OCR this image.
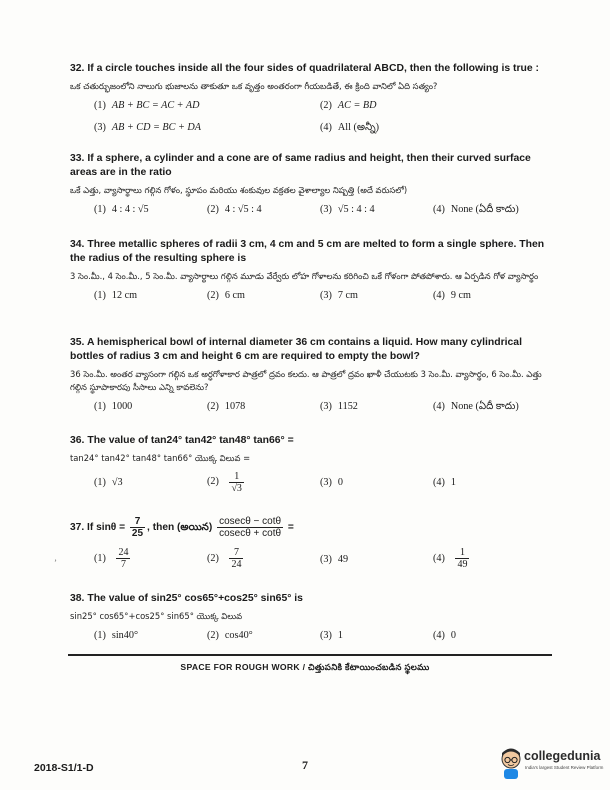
32. If a circle touches inside all the four sides of quadrilateral ABCD, then the following is true :
ఒక చతుర్భుజంలోని నాలుగు భుజాలను తాకుతూ ఒక వృత్తం అంతరంగా గీయబడితే, ఈ క్రింది వానిలో ఏది సత్యం?
(1) AB + BC = AC + AD	(2) AC = BD
(3) AB + CD = BC + DA	(4) All (అన్నీ)
33. If a sphere, a cylinder and a cone are of same radius and height, then their curved surface areas are in the ratio
ఒకే ఎత్తు, వ్యాసార్థాలు గల్గిన గోళం, స్థూపం మరియు శంకువుల వక్రతల వైశాల్యాల నిష్పత్తి (అదే వరుసలో)
(1) 4 : 4 : √5	(2) 4 : √5 : 4	(3) √5 : 4 : 4	(4) None (ఏదీ కాదు)
34. Three metallic spheres of radii 3 cm, 4 cm and 5 cm are melted to form a single sphere. Then the radius of the resulting sphere is
3 సెం.మీ., 4 సెం.మీ., 5 సెం.మీ. వ్యాసార్థాలు గల్గిన మూడు వేర్వేరు లోహ గోళాలను కరిగించి ఒకే గోళంగా పోతపోశారు. ఆ ఏర్పడిన గోళ వ్యాసార్థం
(1) 12 cm	(2) 6 cm	(3) 7 cm	(4) 9 cm
35. A hemispherical bowl of internal diameter 36 cm contains a liquid. How many cylindrical bottles of radius 3 cm and height 6 cm are required to empty the bowl?
36 సెం.మీ. అంతర వ్యాసంగా గల్గిన ఒక అర్ధగోళాకార పాత్రలో ద్రవం కలదు. ఆ పాత్రలో ద్రవం ఖాళీ చేయుటకు 3 సెం.మీ. వ్యాసార్థం, 6 సెం.మీ. ఎత్తు గల్గిన స్థూపాకారపు సీసాలు ఎన్ని కావలెను?
(1) 1000	(2) 1078	(3) 1152	(4) None (ఏదీ కాదు)
36. The value of tan24° tan42° tan48° tan66° =
tan24° tan42° tan48° tan66° యొక్క విలువ =
(1) √3	$(2) \frac{1}{√3}$	(3) 0	(4) 1
37. If $\sin\theta = \frac{7}{25}$ , then (అయిన) $\frac{cosec\theta - \cot\theta}{cosec\theta + \cot\theta}$ =
$(1) \frac{24}{7}$	$(2) \frac{7}{24}$	(3) 49	$(4) \frac{1}{49}$
ʼ
38. The value of sin25° cos65°+cos25° sin65° is
sin25° cos65°+cos25° sin65° యొక్క విలువ
(1) sin40°	(2) cos40°	(3) 1	(4) 0
SPACE FOR ROUGH WORK / చిత్తుపనికి కేటాయించబడిన స్థలము
2018-S1/1-D	7
collegedunia
India's largest Student Review Platform
